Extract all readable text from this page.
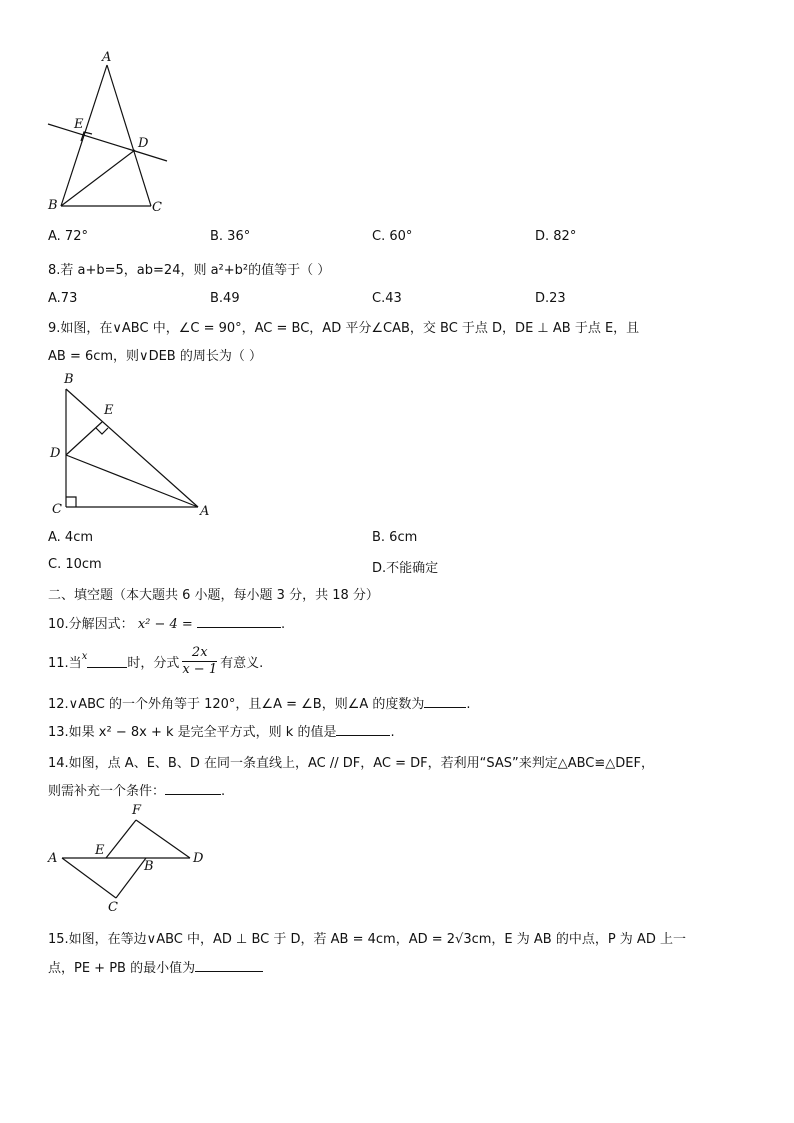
A
E
D
B	C
A. 72°	B. 36°	C. 60°	D. 82°
8.若 a+b=5，ab=24，则 a²+b²的值等于（ ）
A.73	B.49	C.43	D.23
9.如图，在∨ABC 中，∠C = 90°，AC = BC，AD 平分∠CAB，交 BC 于点 D，DE ⊥ AB 于点 E，且
AB = 6cm，则∨DEB 的周长为（ ）
B
E
D
C	A
A. 4cm	B. 6cm
C. 10cm	D.不能确定
二、填空题（本大题共 6 小题，每小题 3 分，共 18 分）
10.分解因式： x² − 4 =	.
11.当 x	时，分式 $\frac{2x}{x - 1}$ 有意义.
12.∨ABC 的一个外角等于 120°，且∠A = ∠B，则∠A 的度数为	.
13.如果 x² − 8x + k 是完全平方式，则 k 的值是	.
14.如图，点 A、E、B、D 在同一条直线上，AC // DF，AC = DF，若利用“SAS”来判定△ABC≌△DEF，
则需补充一个条件：	.
F
A
E
B
D
C
15.如图，在等边∨ABC 中，AD ⊥ BC 于 D，若 AB = 4cm，AD = 2√3cm，E 为 AB 的中点，P 为 AD 上一
点，PE + PB 的最小值为
